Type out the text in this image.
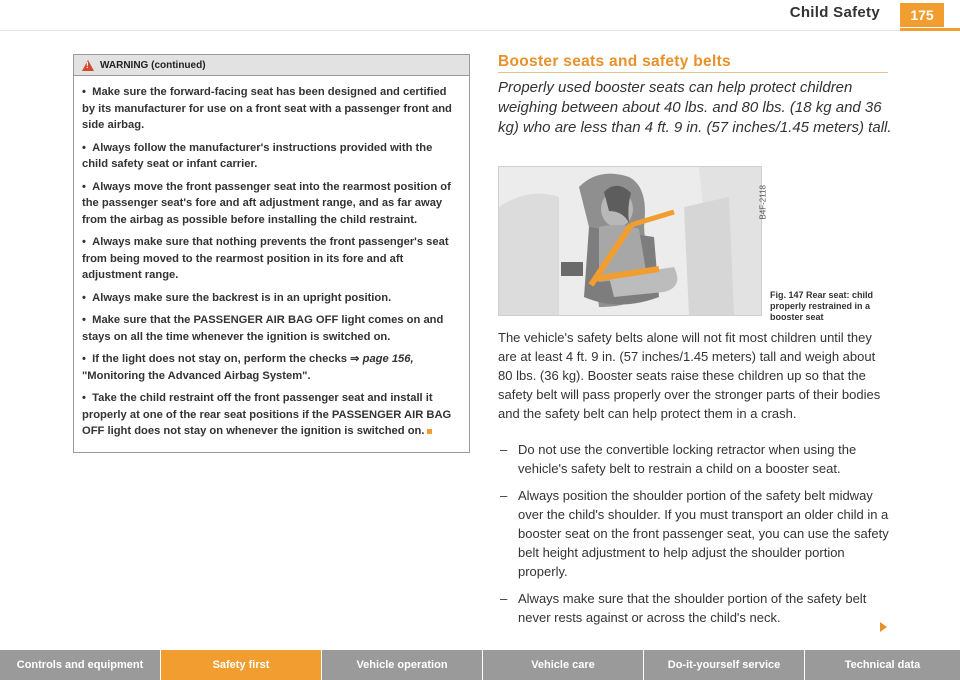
Child Safety	175
!
WARNING (continued)

•  Make sure the forward-facing seat has been designed and certified by its manufacturer for use on a front seat with a passenger front and side airbag.

•  Always follow the manufacturer's instructions provided with the child safety seat or infant carrier.

•  Always move the front passenger seat into the rearmost position of the passenger seat's fore and aft adjustment range, and as far away from the airbag as possible before installing the child restraint.

•  Always make sure that nothing prevents the front passenger's seat from being moved to the rearmost position in its fore and aft adjustment range.

•  Always make sure the backrest is in an upright position.

•  Make sure that the PASSENGER AIR BAG OFF light comes on and stays on all the time whenever the ignition is switched on.

•  If the light does not stay on, perform the checks ⇒ page 156, "Monitoring the Advanced Airbag System".

•  Take the child restraint off the front passenger seat and install it properly at one of the rear seat positions if the PASSENGER AIR BAG OFF light does not stay on whenever the ignition is switched on.

Booster seats and safety belts

Properly used booster seats can help protect children weighing between about 40 lbs. and 80 lbs. (18 kg and 36 kg) who are less than 4 ft. 9 in. (57 inches/1.45 meters) tall.

B4F-2118

Fig. 147 Rear seat: child properly restrained in a booster seat

The vehicle's safety belts alone will not fit most children until they are at least 4 ft. 9 in. (57 inches/1.45 meters) tall and weigh about 80 lbs. (36 kg). Booster seats raise these children up so that the safety belt will pass properly over the stronger parts of their bodies and the safety belt can help protect them in a crash.

– Do not use the convertible locking retractor when using the vehicle's safety belt to restrain a child on a booster seat.
– Always position the shoulder portion of the safety belt midway over the child's shoulder. If you must transport an older child in a booster seat on the front passenger seat, you can use the safety belt height adjustment to help adjust the shoulder portion properly.
– Always make sure that the shoulder portion of the safety belt never rests against or across the child's neck.
Controls and equipment	Safety first	Vehicle operation	Vehicle care	Do-it-yourself service	Technical data
